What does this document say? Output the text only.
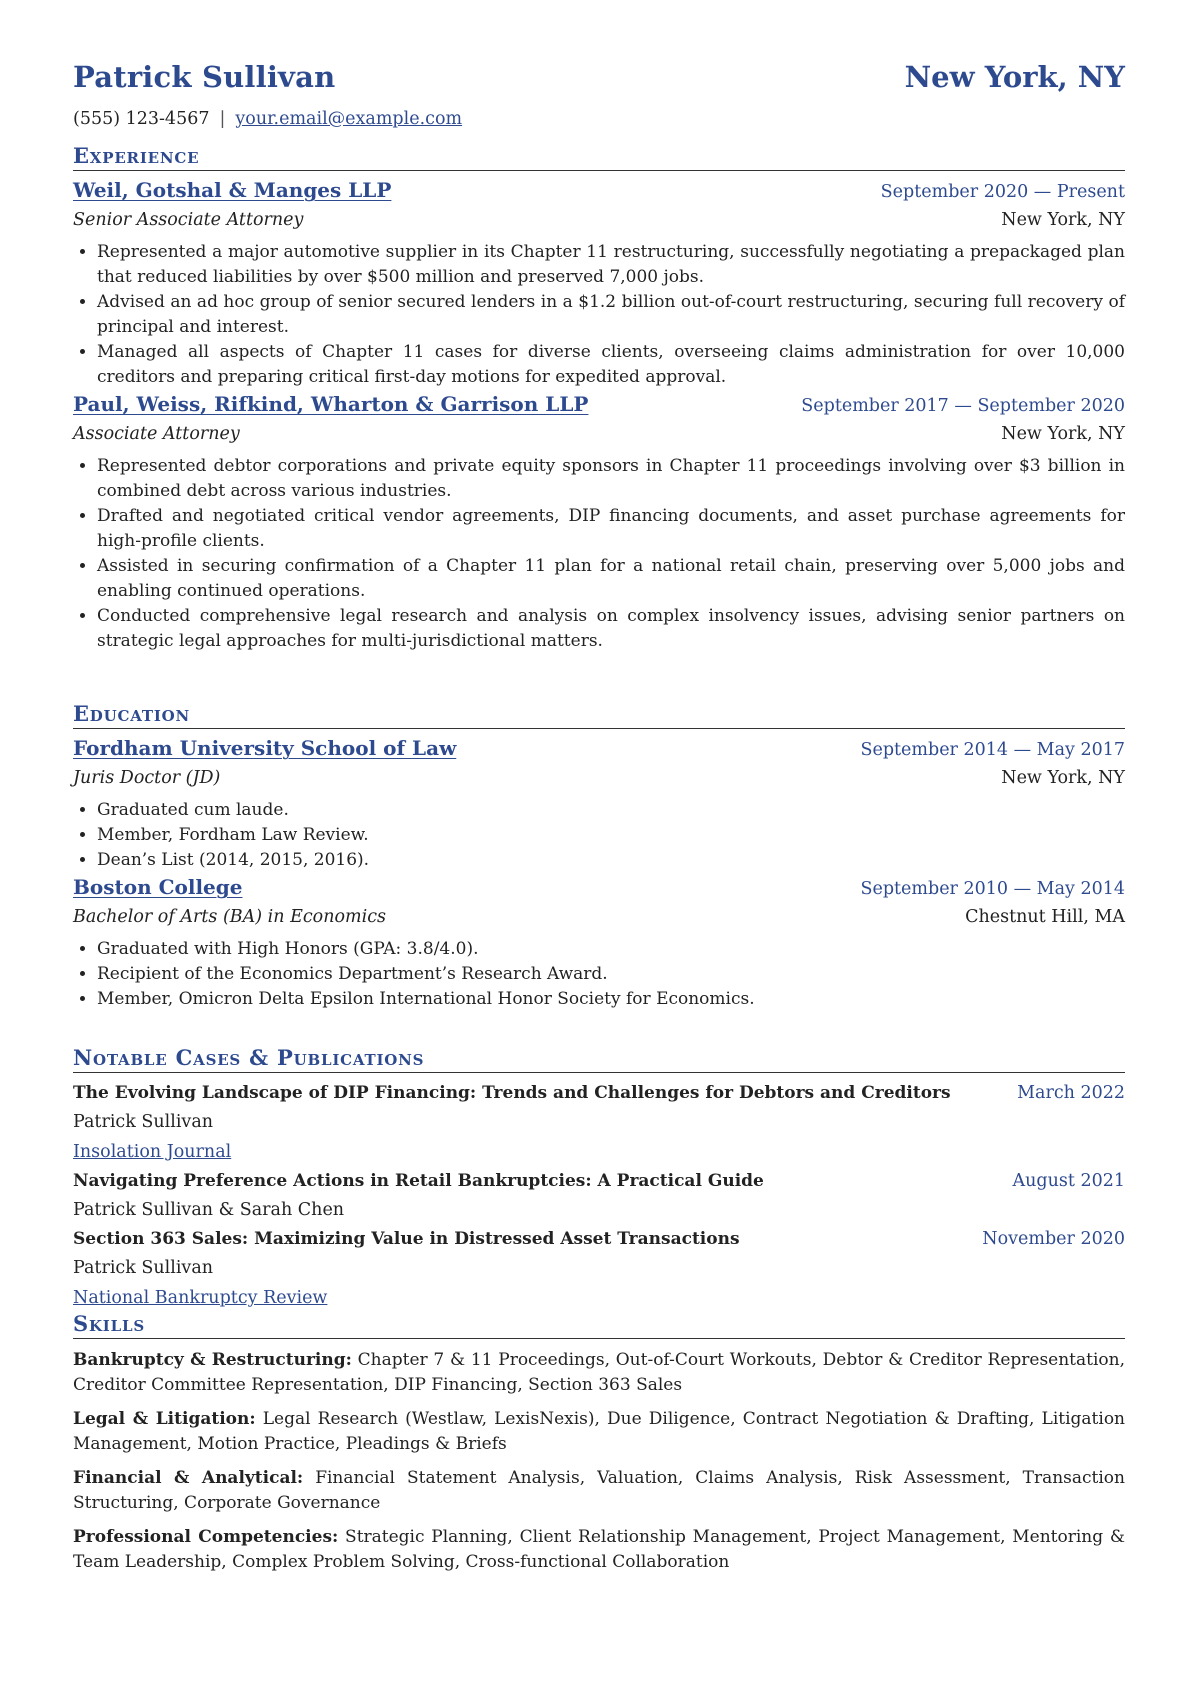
Patrick Sullivan	New York, NY
(555) 123-4567 | your.email@example.com
Experience
Weil, Gotshal & Manges LLP	September 2020 — Present
Senior Associate Attorney	New York, NY
• Represented a major automotive supplier in its Chapter 11 restructuring, successfully negotiating a prepackaged plan that reduced liabilities by over $500 million and preserved 7,000 jobs.
• Advised an ad hoc group of senior secured lenders in a $1.2 billion out-of-court restructuring, securing full recovery of principal and interest.
• Managed all aspects of Chapter 11 cases for diverse clients, overseeing claims administration for over 10,000 creditors and preparing critical first-day motions for expedited approval.
Paul, Weiss, Rifkind, Wharton & Garrison LLP	September 2017 — September 2020
Associate Attorney	New York, NY
• Represented debtor corporations and private equity sponsors in Chapter 11 proceedings involving over $3 billion in combined debt across various industries.
• Drafted and negotiated critical vendor agreements, DIP financing documents, and asset purchase agreements for high-profile clients.
• Assisted in securing confirmation of a Chapter 11 plan for a national retail chain, preserving over 5,000 jobs and enabling continued operations.
• Conducted comprehensive legal research and analysis on complex insolvency issues, advising senior partners on strategic legal approaches for multi-jurisdictional matters.
Education
Fordham University School of Law	September 2014 — May 2017
Juris Doctor (JD)	New York, NY
• Graduated cum laude.
• Member, Fordham Law Review.
• Dean’s List (2014, 2015, 2016).
Boston College	September 2010 — May 2014
Bachelor of Arts (BA) in Economics	Chestnut Hill, MA
• Graduated with High Honors (GPA: 3.8/4.0).
• Recipient of the Economics Department’s Research Award.
• Member, Omicron Delta Epsilon International Honor Society for Economics.
Notable Cases & Publications
The Evolving Landscape of DIP Financing: Trends and Challenges for Debtors and Creditors	March 2022
Patrick Sullivan
Insolation Journal
Navigating Preference Actions in Retail Bankruptcies: A Practical Guide	August 2021
Patrick Sullivan & Sarah Chen
Section 363 Sales: Maximizing Value in Distressed Asset Transactions	November 2020
Patrick Sullivan
National Bankruptcy Review
Skills
Bankruptcy & Restructuring: Chapter 7 & 11 Proceedings, Out-of-Court Workouts, Debtor & Creditor Representation, Creditor Committee Representation, DIP Financing, Section 363 Sales
Legal & Litigation: Legal Research (Westlaw, LexisNexis), Due Diligence, Contract Negotiation & Drafting, Litigation Management, Motion Practice, Pleadings & Briefs
Financial & Analytical: Financial Statement Analysis, Valuation, Claims Analysis, Risk Assessment, Transaction Structuring, Corporate Governance
Professional Competencies: Strategic Planning, Client Relationship Management, Project Management, Mentoring & Team Leadership, Complex Problem Solving, Cross-functional Collaboration
